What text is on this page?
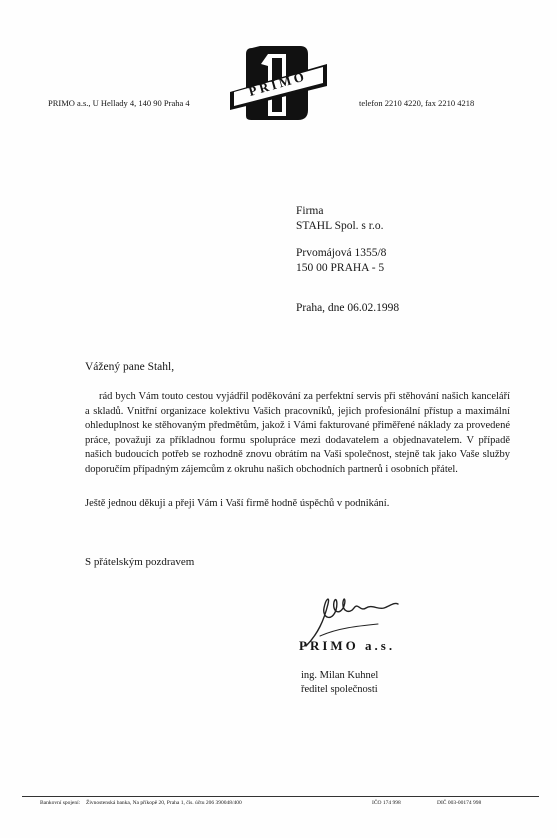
PRIMO a.s., U Hellady 4, 140 90 Praha 4	telefon 2210 4220, fax 2210 4218
PRIMO
Firma
STAHL Spol. s r.o.
Prvomájová 1355/8
150 00 PRAHA - 5
Praha, dne 06.02.1998
Vážený pane Stahl,
rád bych Vám touto cestou vyjádřil poděkování za perfektní servis při stěhování našich kanceláří a skladů. Vnitřní organizace kolektivu Vašich pracovníků, jejich profesionální přístup a maximální ohleduplnost ke stěhovaným předmětům, jakož i Vámi fakturované přiměřené náklady za provedené práce, považuji za příkladnou formu spolupráce mezi dodavatelem a objednavatelem. V případě našich budoucích potřeb se rozhodně znovu obrátím na Vaši společnost, stejně tak jako Vaše služby doporučím případným zájemcům z okruhu našich obchodních partnerů i osobních přátel.
Ještě jednou děkuji a přeji Vám i Vaší firmě hodně úspěchů v podnikání.
S přátelským pozdravem
PRIMO a.s.
ing. Milan Kuhnel
ředitel společnosti
Bankovní spojení: Živnostenská banka, Na příkopě 20, Praha 1, čís. účtu 206 390048/400	IČO 174 998	DIČ 003-00174 998
